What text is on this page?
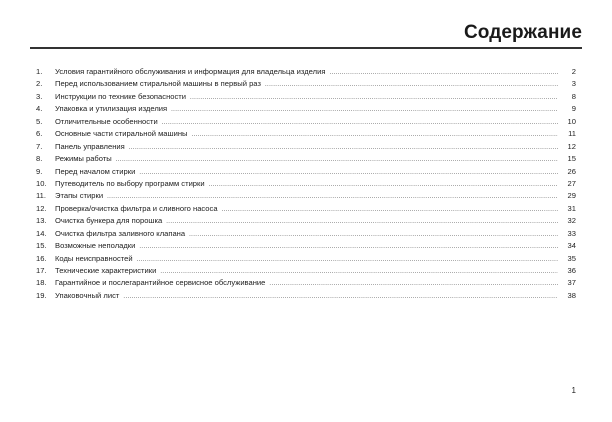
Содержание
1.	Условия гарантийного обслуживания и информация для владельца изделия .....	2
2.	Перед использованием стиральной машины в первый раз .....	3
3.	Инструкции по технике безопасности .....	8
4.	Упаковка и утилизация изделия .....	9
5.	Отличительные особенности .....	10
6.	Основные части стиральной машины .....	11
7.	Панель управления .....	12
8.	Режимы работы .....	15
9.	Перед началом стирки .....	26
10.	Путеводитель по выбору программ стирки .....	27
11.	Этапы стирки .....	29
12.	Проверка/очистка фильтра и сливного насоса .....	31
13.	Очистка бункера для порошка .....	32
14.	Очистка фильтра заливного клапана .....	33
15.	Возможные неполадки .....	34
16.	Коды неисправностей .....	35
17.	Технические характеристики .....	36
18.	Гарантийное и послегарантийное сервисное обслуживание .....	37
19.	Упаковочный лист .....	38
1
